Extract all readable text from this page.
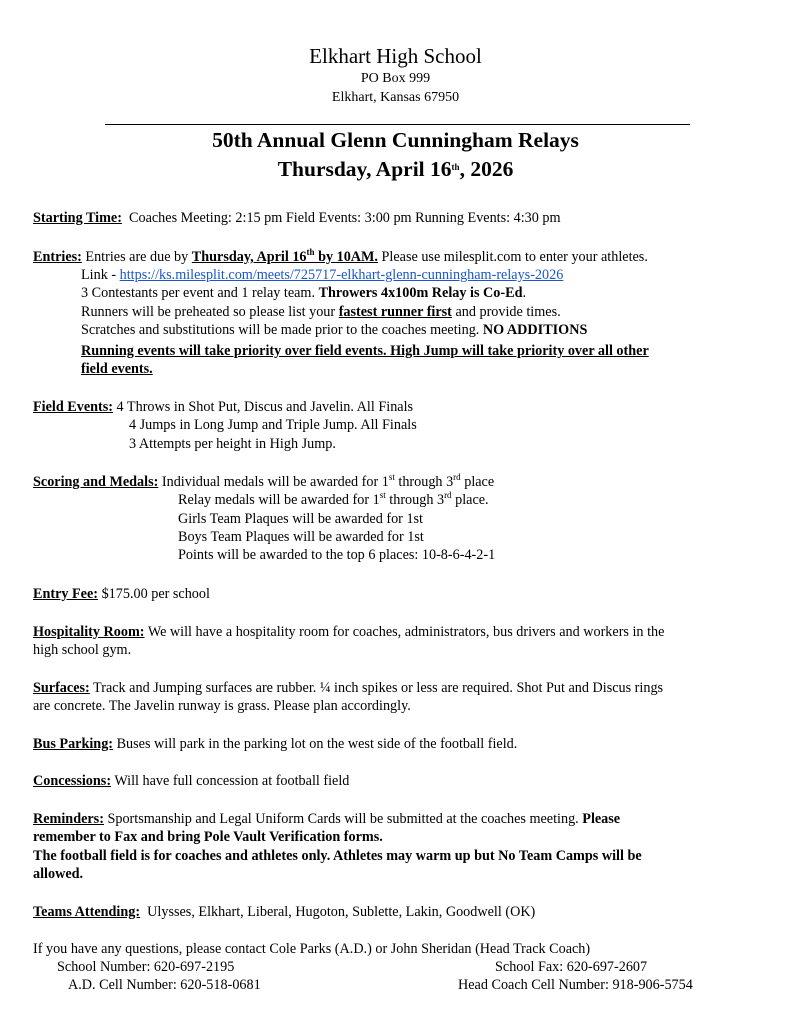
Elkhart High School
PO Box 999
Elkhart, Kansas 67950
50th Annual Glenn Cunningham Relays
Thursday, April 16th, 2026
Starting Time: Coaches Meeting: 2:15 pm Field Events: 3:00 pm Running Events: 4:30 pm
Entries: Entries are due by Thursday, April 16th by 10AM. Please use milesplit.com to enter your athletes.
Link - https://ks.milesplit.com/meets/725717-elkhart-glenn-cunningham-relays-2026
3 Contestants per event and 1 relay team. Throwers 4x100m Relay is Co-Ed.
Runners will be preheated so please list your fastest runner first and provide times.
Scratches and substitutions will be made prior to the coaches meeting. NO ADDITIONS
Running events will take priority over field events. High Jump will take priority over all other
field events.
Field Events: 4 Throws in Shot Put, Discus and Javelin. All Finals
4 Jumps in Long Jump and Triple Jump. All Finals
3 Attempts per height in High Jump.
Scoring and Medals: Individual medals will be awarded for 1st through 3rd place
Relay medals will be awarded for 1st through 3rd place.
Girls Team Plaques will be awarded for 1st
Boys Team Plaques will be awarded for 1st
Points will be awarded to the top 6 places: 10-8-6-4-2-1
Entry Fee: $175.00 per school
Hospitality Room: We will have a hospitality room for coaches, administrators, bus drivers and workers in the
high school gym.
Surfaces: Track and Jumping surfaces are rubber. ¼ inch spikes or less are required. Shot Put and Discus rings
are concrete. The Javelin runway is grass. Please plan accordingly.
Bus Parking: Buses will park in the parking lot on the west side of the football field.
Concessions: Will have full concession at football field
Reminders: Sportsmanship and Legal Uniform Cards will be submitted at the coaches meeting. Please
remember to Fax and bring Pole Vault Verification forms.
The football field is for coaches and athletes only. Athletes may warm up but No Team Camps will be
allowed.
Teams Attending: Ulysses, Elkhart, Liberal, Hugoton, Sublette, Lakin, Goodwell (OK)
If you have any questions, please contact Cole Parks (A.D.) or John Sheridan (Head Track Coach)
School Number: 620-697-2195	School Fax: 620-697-2607
A.D. Cell Number: 620-518-0681	Head Coach Cell Number: 918-906-5754
